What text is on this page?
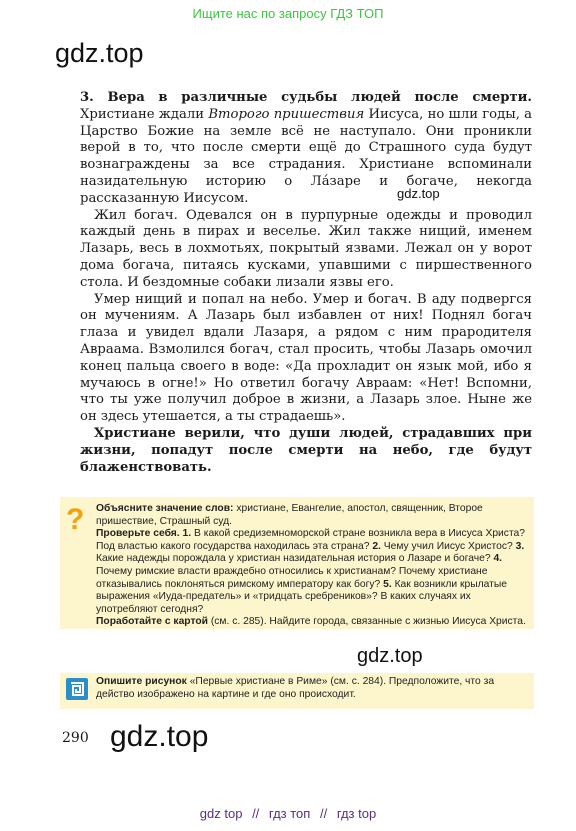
Ищите нас по запросу ГДЗ ТОП
gdz.top

3. Вера в различные судьбы людей после смерти. Христиане ждали Второго пришествия Иисуса, но шли годы, а Царство Божие на земле всё не наступало. Они проникли верой в то, что после смерти ещё до Страшного суда будут вознаграждены за все страдания. Христиане вспоминали назидательную историю о Лáзаре и богаче, некогда рассказанную Иисусом.

Жил богач. Одевался он в пурпурные одежды и проводил каждый день в пирах и веселье. Жил также нищий, именем Лазарь, весь в лохмотьях, покрытый язвами. Лежал он у ворот дома богача, питаясь кусками, упавшими с пиршественного стола. И бездомные собаки лизали язвы его.

Умер нищий и попал на небо. Умер и богач. В аду подвергся он мучениям. А Лазарь был избавлен от них! Поднял богач глаза и увидел вдали Лазаря, а рядом с ним прародителя Авраама. Взмолился богач, стал просить, чтобы Лазарь омочил конец пальца своего в воде: «Да прохладит он язык мой, ибо я мучаюсь в огне!» Но ответил богачу Авраам: «Нет! Вспомни, что ты уже получил доброе в жизни, а Лазарь злое. Ныне же он здесь утешается, а ты страдаешь».

Христиане верили, что души людей, страдавших при жизни, попадут после смерти на небо, где будут блаженствовать.

gdz.top
? Объясните значение слов: христиане, Евангелие, апостол, священник, Второе пришествие, Страшный суд.

Проверьте себя. 1. В какой средиземноморской стране возникла вера в Иисуса Христа? Под властью какого государства находилась эта страна? 2. Чему учил Иисус Христос? 3. Какие надежды порождала у христиан назидательная история о Лазаре и богаче? 4. Почему римские власти враждебно относились к христианам? Почему христиане отказывались поклоняться римскому императору как богу? 5. Как возникли крылатые выражения «Иуда-предатель» и «тридцать сребреников»? В каких случаях их употребляют сегодня?

Поработайте с картой (см. с. 285). Найдите города, связанные с жизнью Иисуса Христа.

gdz.top
Опишите рисунок «Первые христиане в Риме» (см. с. 284). Предположите, что за действо изображено на картине и где оно происходит.
290 gdz.top
gdz top // гдз топ // гдз top
